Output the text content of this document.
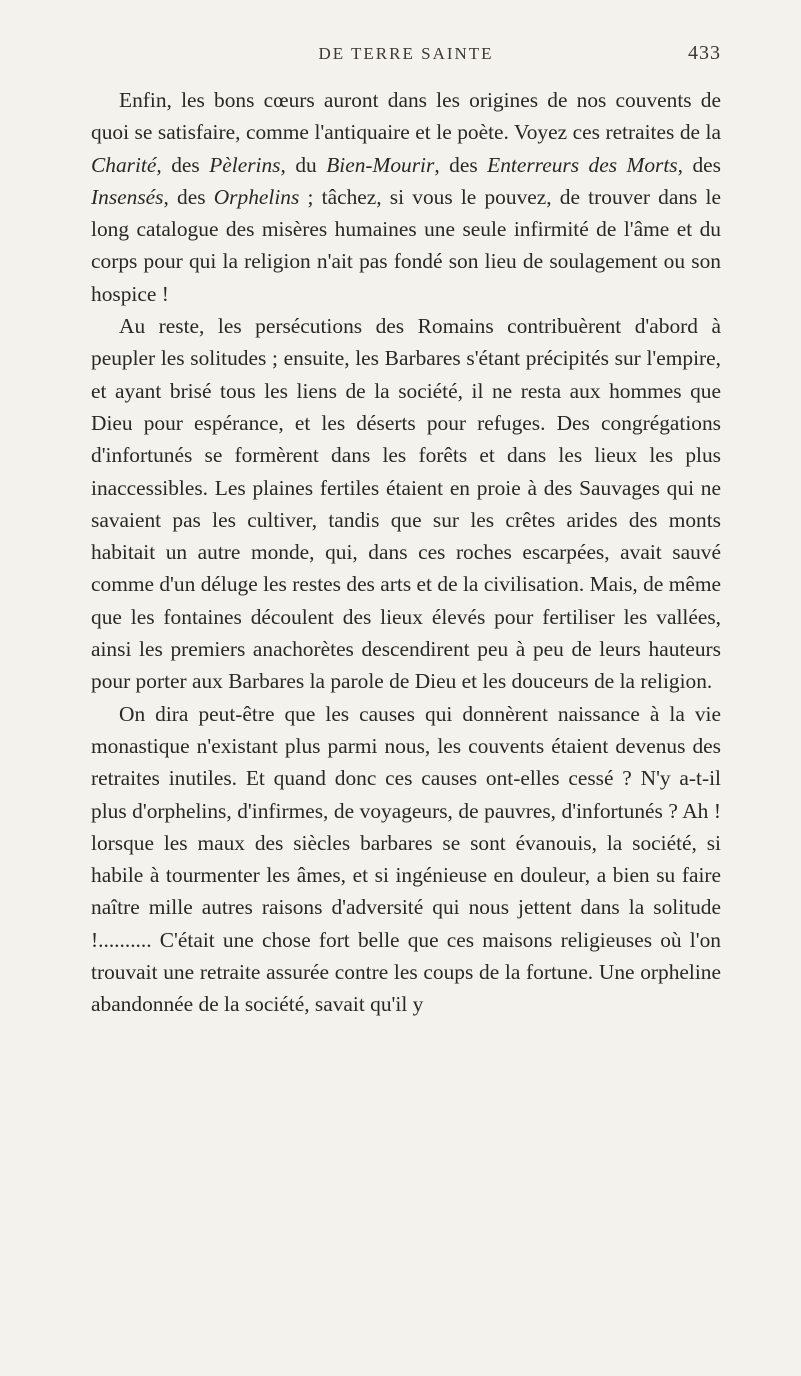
DE TERRE SAINTE	433

Enfin, les bons cœurs auront dans les origines de nos couvents de quoi se satisfaire, comme l'antiquaire et le poète. Voyez ces retraites de la Charité, des Pèlerins, du Bien-Mourir, des Enterreurs des Morts, des Insensés, des Orphelins ; tâchez, si vous le pouvez, de trouver dans le long catalogue des misères humaines une seule infirmité de l'âme et du corps pour qui la religion n'ait pas fondé son lieu de soulagement ou son hospice !

Au reste, les persécutions des Romains contribuèrent d'abord à peupler les solitudes ; ensuite, les Barbares s'étant précipités sur l'empire, et ayant brisé tous les liens de la société, il ne resta aux hommes que Dieu pour espérance, et les déserts pour refuges. Des congrégations d'infortunés se formèrent dans les forêts et dans les lieux les plus inaccessibles. Les plaines fertiles étaient en proie à des Sauvages qui ne savaient pas les cultiver, tandis que sur les crêtes arides des monts habitait un autre monde, qui, dans ces roches escarpées, avait sauvé comme d'un déluge les restes des arts et de la civilisation. Mais, de même que les fontaines découlent des lieux élevés pour fertiliser les vallées, ainsi les premiers anachorètes descendirent peu à peu de leurs hauteurs pour porter aux Barbares la parole de Dieu et les douceurs de la religion.

On dira peut-être que les causes qui donnèrent naissance à la vie monastique n'existant plus parmi nous, les couvents étaient devenus des retraites inutiles. Et quand donc ces causes ont-elles cessé ? N'y a-t-il plus d'orphelins, d'infirmes, de voyageurs, de pauvres, d'infortunés ? Ah ! lorsque les maux des siècles barbares se sont évanouis, la société, si habile à tourmenter les âmes, et si ingénieuse en douleur, a bien su faire naître mille autres raisons d'adversité qui nous jettent dans la solitude !.......... C'était une chose fort belle que ces maisons religieuses où l'on trouvait une retraite assurée contre les coups de la fortune. Une orpheline abandonnée de la société, savait qu'il y
